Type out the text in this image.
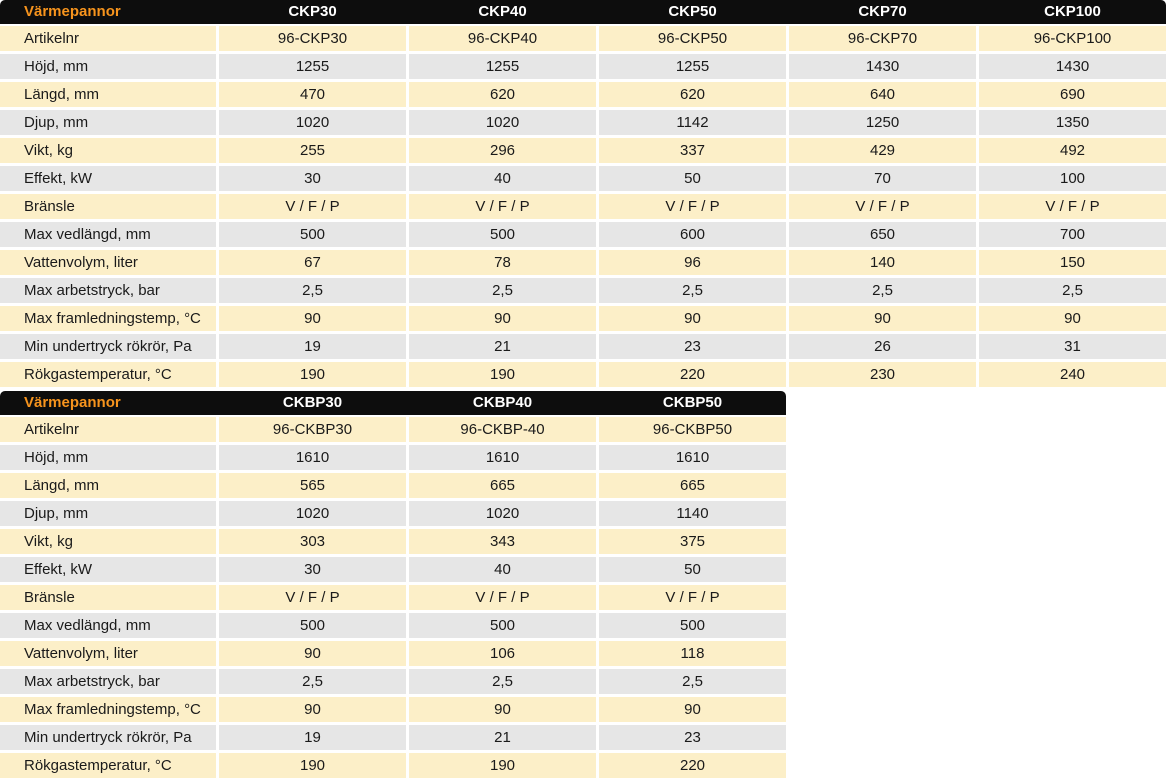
Värmepannor	CKP30	CKP40	CKP50	CKP70	CKP100
Artikelnr	96-CKP30	96-CKP40	96-CKP50	96-CKP70	96-CKP100
Höjd, mm	1255	1255	1255	1430	1430
Längd, mm	470	620	620	640	690
Djup, mm	1020	1020	1142	1250	1350
Vikt, kg	255	296	337	429	492
Effekt, kW	30	40	50	70	100
Bränsle	V / F / P	V / F / P	V / F / P	V / F / P	V / F / P
Max vedlängd, mm	500	500	600	650	700
Vattenvolym, liter	67	78	96	140	150
Max arbetstryck, bar	2,5	2,5	2,5	2,5	2,5
Max framledningstemp, °C	90	90	90	90	90
Min undertryck rökrör, Pa	19	21	23	26	31
Rökgastemperatur, °C	190	190	220	230	240
Värmepannor	CKBP30	CKBP40	CKBP50
Artikelnr	96-CKBP30	96-CKBP-40	96-CKBP50
Höjd, mm	1610	1610	1610
Längd, mm	565	665	665
Djup, mm	1020	1020	1140
Vikt, kg	303	343	375
Effekt, kW	30	40	50
Bränsle	V / F / P	V / F / P	V / F / P
Max vedlängd, mm	500	500	500
Vattenvolym, liter	90	106	118
Max arbetstryck, bar	2,5	2,5	2,5
Max framledningstemp, °C	90	90	90
Min undertryck rökrör, Pa	19	21	23
Rökgastemperatur, °C	190	190	220
